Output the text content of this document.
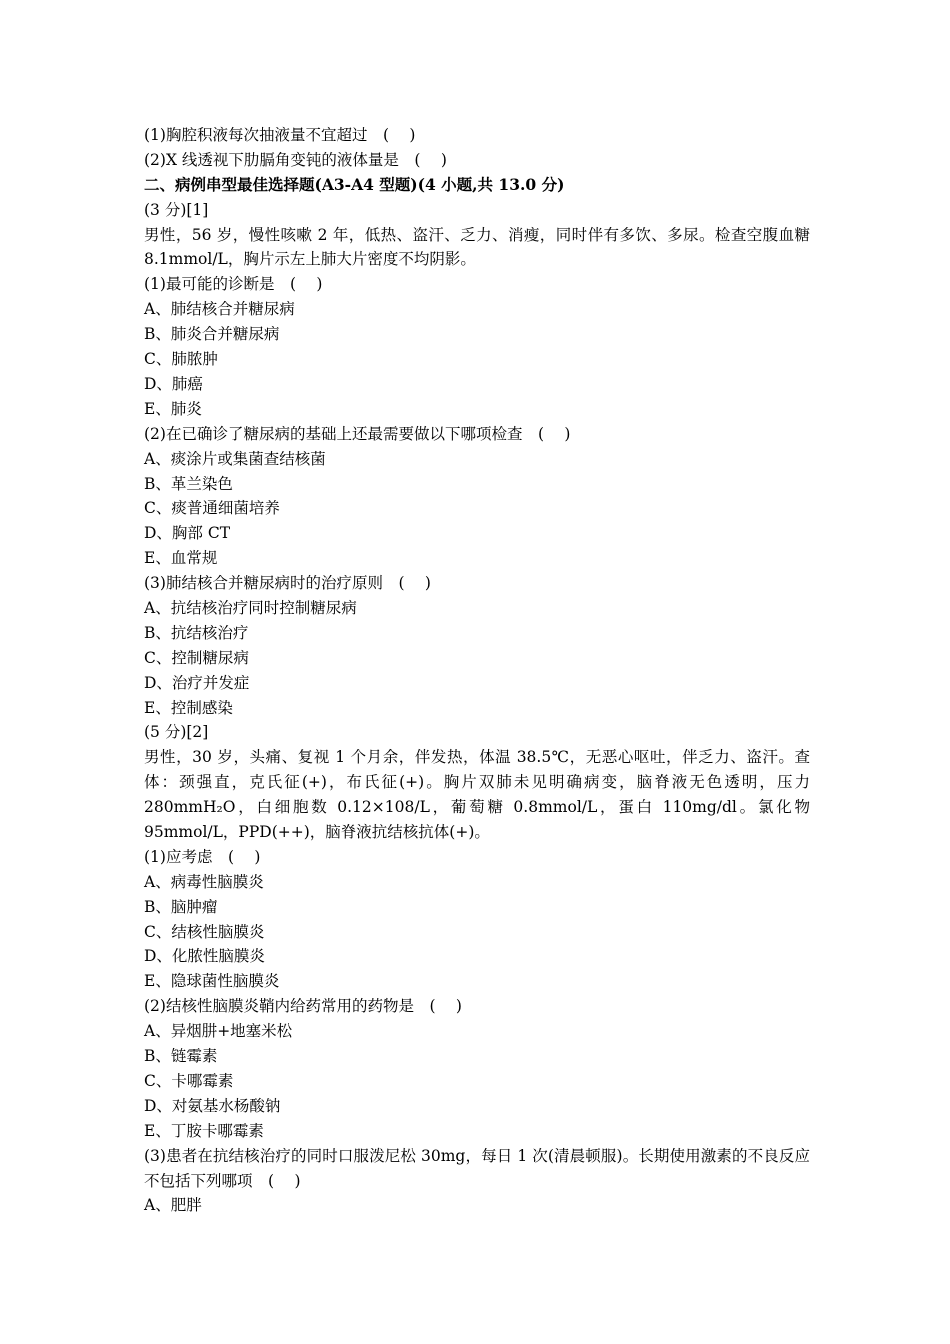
(1)胸腔积液每次抽液量不宜超过　( 　)
(2)X 线透视下肋膈角变钝的液体量是　( 　)
二、病例串型最佳选择题(A3-A4 型题)(4 小题,共 13.0 分)
(3 分)[1]
男性，56 岁，慢性咳嗽 2 年，低热、盗汗、乏力、消瘦，同时伴有多饮、多尿。检查空腹血糖 8.1mmol/L，胸片示左上肺大片密度不均阴影。
(1)最可能的诊断是　( 　)
A、肺结核合并糖尿病
B、肺炎合并糖尿病
C、肺脓肿
D、肺癌
E、肺炎
(2)在已确诊了糖尿病的基础上还最需要做以下哪项检查　( 　)
A、痰涂片或集菌查结核菌
B、革兰染色
C、痰普通细菌培养
D、胸部 CT
E、血常规
(3)肺结核合并糖尿病时的治疗原则　( 　)
A、抗结核治疗同时控制糖尿病
B、抗结核治疗
C、控制糖尿病
D、治疗并发症
E、控制感染
(5 分)[2]
男性，30 岁，头痛、复视 1 个月余，伴发热，体温 38.5℃，无恶心呕吐，伴乏力、盗汗。查体：颈强直，克氏征(+)，布氏征(+)。胸片双肺未见明确病变，脑脊液无色透明，压力 280mmH₂O，白细胞数 0.12×108/L，葡萄糖 0.8mmol/L，蛋白 110mg/dl。氯化物 95mmol/L，PPD(++)，脑脊液抗结核抗体(+)。
(1)应考虑　( 　)
A、病毒性脑膜炎
B、脑肿瘤
C、结核性脑膜炎
D、化脓性脑膜炎
E、隐球菌性脑膜炎
(2)结核性脑膜炎鞘内给药常用的药物是　( 　)
A、异烟肼+地塞米松
B、链霉素
C、卡哪霉素
D、对氨基水杨酸钠
E、丁胺卡哪霉素
(3)患者在抗结核治疗的同时口服泼尼松 30mg，每日 1 次(清晨顿服)。长期使用激素的不良反应不包括下列哪项　( 　)
A、肥胖
